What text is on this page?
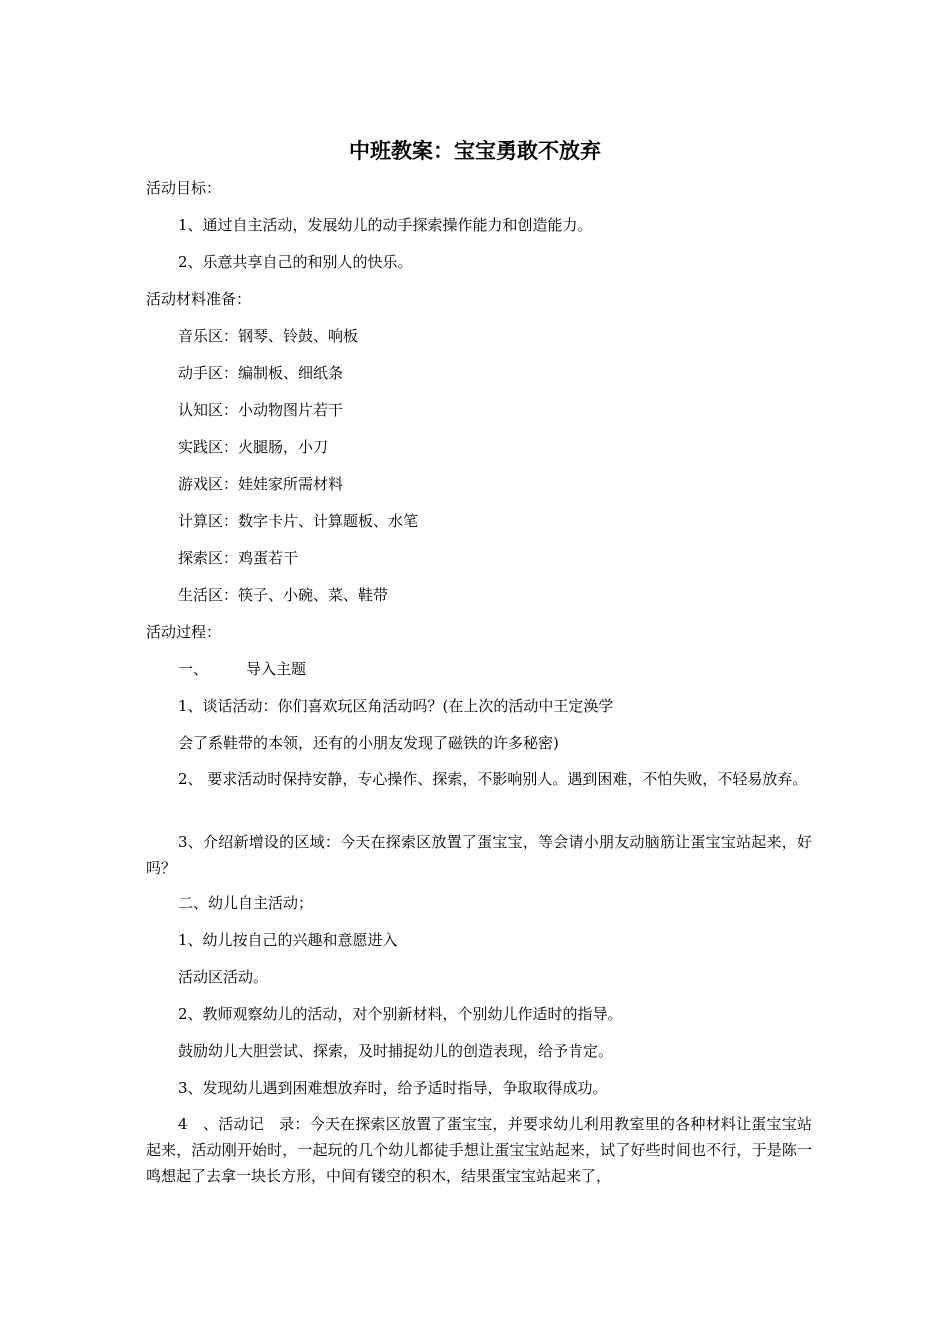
中班教案：宝宝勇敢不放弃
活动目标：
1、通过自主活动，发展幼儿的动手探索操作能力和创造能力。
2、乐意共享自己的和别人的快乐。
活动材料准备：
音乐区：钢琴、铃鼓、响板
动手区：编制板、细纸条
认知区：小动物图片若干
实践区：火腿肠，小刀
游戏区：娃娃家所需材料
计算区：数字卡片、计算题板、水笔
探索区：鸡蛋若干
生活区：筷子、小碗、菜、鞋带
活动过程：
一、	导入主题
1、谈话活动：你们喜欢玩区角活动吗？(在上次的活动中王定涣学
会了系鞋带的本领，还有的小朋友发现了磁铁的许多秘密)
2、 要求活动时保持安静，专心操作、探索，不影响别人。遇到困难，不怕失败，不轻易放弃。
3、介绍新增设的区域：今天在探索区放置了蛋宝宝，等会请小朋友动脑筋让蛋宝宝站起来，好吗？
二、幼儿自主活动；
1、幼儿按自己的兴趣和意愿进入
活动区活动。
2、教师观察幼儿的活动，对个别新材料，个别幼儿作适时的指导。
鼓励幼儿大胆尝试、探索，及时捕捉幼儿的创造表现，给予肯定。
3、发现幼儿遇到困难想放弃时，给予适时指导，争取取得成功。
4　、活动记　录：今天在探索区放置了蛋宝宝，并要求幼儿利用教室里的各种材料让蛋宝宝站起来，活动刚开始时，一起玩的几个幼儿都徒手想让蛋宝宝站起来，试了好些时间也不行，于是陈一鸣想起了去拿一块长方形，中间有镂空的积木，结果蛋宝宝站起来了，
